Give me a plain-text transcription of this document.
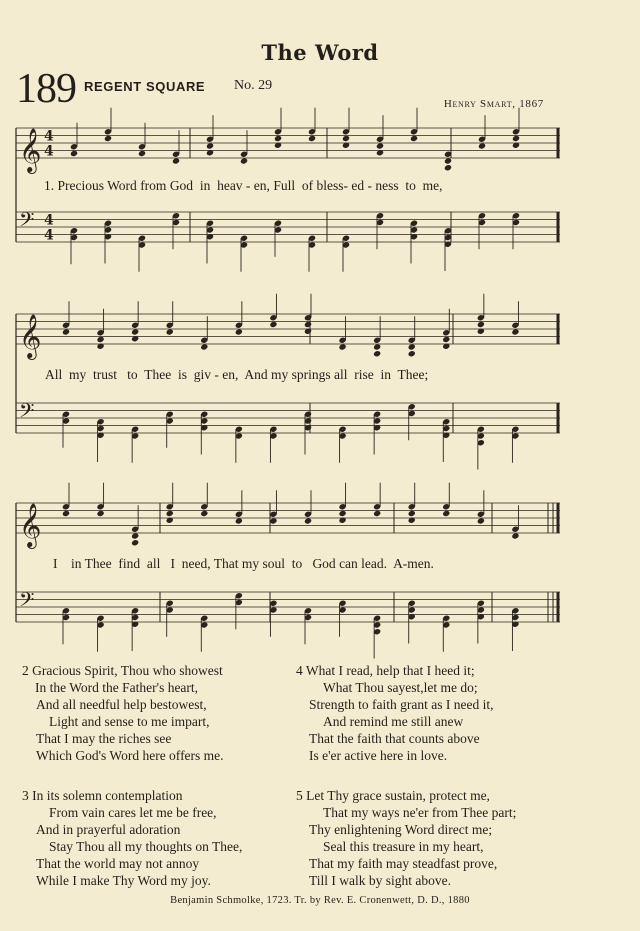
The Word
189 REGENT SQUARE No. 29
Henry Smart, 1867
𝄞 4
4
𝄢 4
4
𝄞
𝄢
𝄞
𝄢
1. Precious Word from God in heav - en, Full of bless- ed - ness to me,
All my trust to Thee is giv - en, And my springs all rise in Thee;
I in Thee find all I need, That my soul to God can lead. A-men.
2 Gracious Spirit, Thou who showest
In the Word the Father's heart,
And all needful help bestowest,
Light and sense to me impart,
That I may the riches see
Which God's Word here offers me.
3 In its solemn contemplation
From vain cares let me be free,
And in prayerful adoration
Stay Thou all my thoughts on Thee,
That the world may not annoy
While I make Thy Word my joy.
4 What I read, help that I heed it;
What Thou sayest,let me do;
Strength to faith grant as I need it,
And remind me still anew
That the faith that counts above
Is e'er active here in love.
5 Let Thy grace sustain, protect me,
That my ways ne'er from Thee part;
Thy enlightening Word direct me;
Seal this treasure in my heart,
That my faith may steadfast prove,
Till I walk by sight above.
Benjamin Schmolke, 1723. Tr. by Rev. E. Cronenwett, D. D., 1880
